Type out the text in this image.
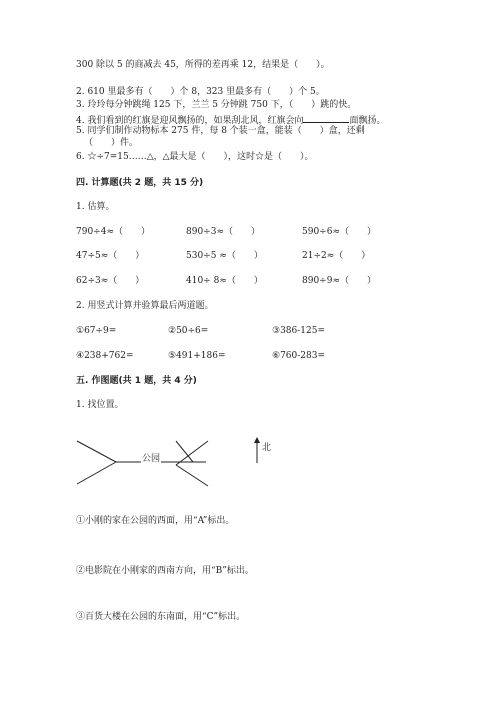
300 除以 5 的商减去 45，所得的差再乘 12，结果是（　　）。
2. 610 里最多有（　　）个 8，323 里最多有（　　）个 5。
3. 玲玲每分钟跳绳 125 下，兰兰 5 分钟跳 750 下，（　　）跳的快。
4. 我们看到的红旗是迎风飘扬的，如果刮北风，红旗会向	面飘扬。
5. 同学们制作动物标本 275 件，每 8 个装一盒，能装（　　）盒，还剩
（　　）件。
6. ☆÷7=15……△，△最大是（　　），这时☆是（　　）。
四. 计算题(共 2 题，共 15 分)
1. 估算。
790÷4≈（　　）	890÷3≈（　　）	590÷6≈（　　）
47÷5≈（　　）	530÷5 ≈（　　）	21÷2≈（　　）
62÷3≈（　　）	410÷ 8≈（　　）	890÷9≈（　　）
2. 用竖式计算并验算最后两道题。
①67÷9=	②50÷6=	③386-125=
④238+762=	⑤491+186=	⑥760-283=
五. 作图题(共 1 题，共 4 分)
1. 找位置。
公园
北
①小刚的家在公园的西面，用“A”标出。
②电影院在小刚家的西南方向，用“B”标出。
③百货大楼在公园的东南面，用“C”标出。
